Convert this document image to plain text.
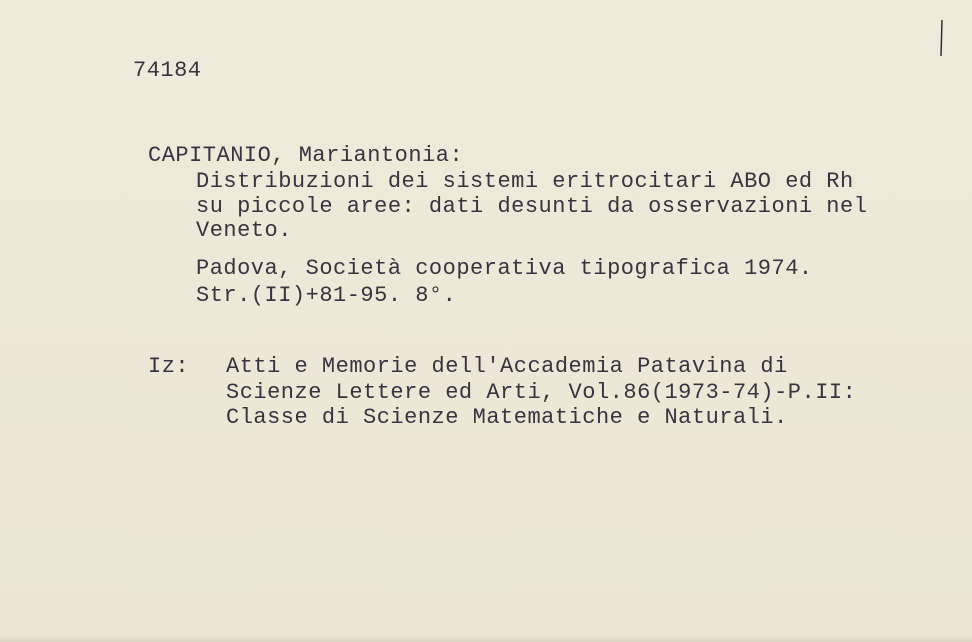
74184
CAPITANIO, Mariantonia:
Distribuzioni dei sistemi eritrocitari ABO ed Rh
su piccole aree: dati desunti da osservazioni nel
Veneto.
Padova, Società cooperativa tipografica 1974.
Str.(II)+81-95. 8°.
Iz: Atti e Memorie dell'Accademia Patavina di
Scienze Lettere ed Arti, Vol.86(1973-74)-P.II:
Classe di Scienze Matematiche e Naturali.
